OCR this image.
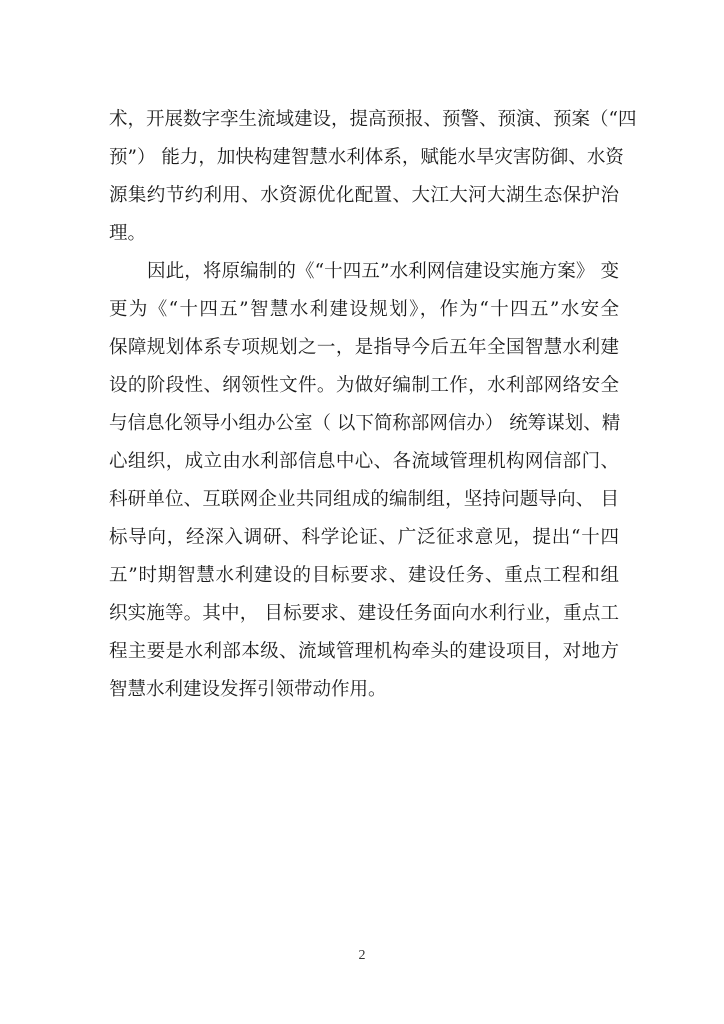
术，开展数字孪生流域建设，提高预报、预警、预演、预案（“四
预”） 能力，加快构建智慧水利体系，赋能水旱灾害防御、水资
源集约节约利用、水资源优化配置、大江大河大湖生态保护治
理。
因此，将原编制的《“十四五”水利网信建设实施方案》 变
更为《“十四五”智慧水利建设规划》，作为“十四五”水安全
保障规划体系专项规划之一，是指导今后五年全国智慧水利建
设的阶段性、纲领性文件。为做好编制工作，水利部网络安全
与信息化领导小组办公室（ 以下简称部网信办） 统筹谋划、精
心组织，成立由水利部信息中心、各流域管理机构网信部门、
科研单位、互联网企业共同组成的编制组，坚持问题导向、 目
标导向，经深入调研、科学论证、广泛征求意见，提出“十四
五”时期智慧水利建设的目标要求、建设任务、重点工程和组
织实施等。其中， 目标要求、建设任务面向水利行业，重点工
程主要是水利部本级、流域管理机构牵头的建设项目，对地方
智慧水利建设发挥引领带动作用。
2
